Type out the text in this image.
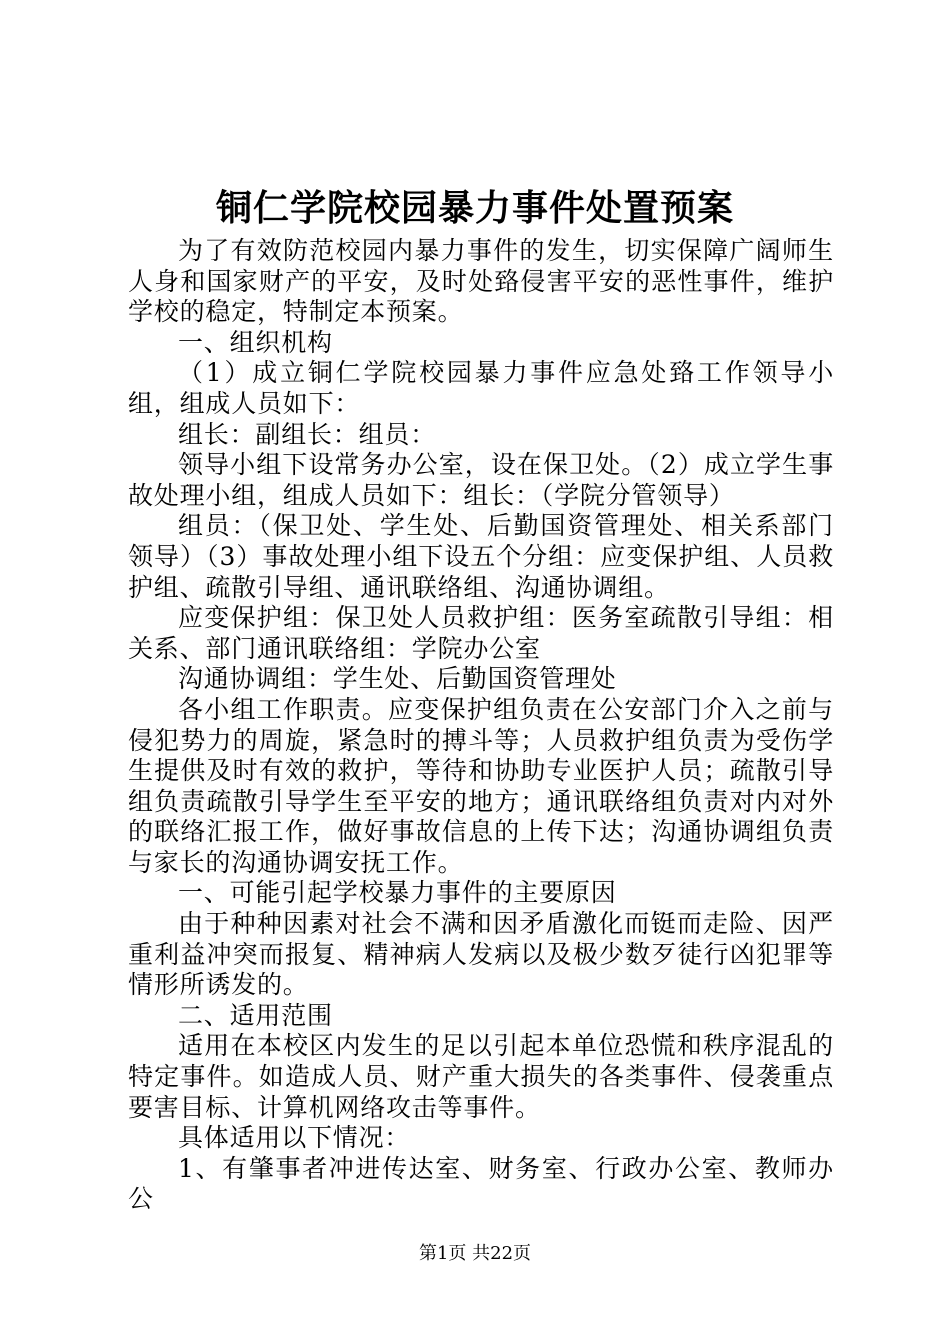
铜仁学院校园暴力事件处置预案

为了有效防范校园内暴力事件的发生，切实保障广阔师生人身和国家财产的平安，及时处臵侵害平安的恶性事件，维护学校的稳定，特制定本预案。

一、组织机构

（1）成立铜仁学院校园暴力事件应急处臵工作领导小组，组成人员如下：

组长：副组长：组员：

领导小组下设常务办公室，设在保卫处。（2）成立学生事故处理小组，组成人员如下：组长：（学院分管领导）

组员：（保卫处、学生处、后勤国资管理处、相关系部门领导）（3）事故处理小组下设五个分组：应变保护组、人员救护组、疏散引导组、通讯联络组、沟通协调组。

应变保护组：保卫处人员救护组：医务室疏散引导组：相关系、部门通讯联络组：学院办公室

沟通协调组：学生处、后勤国资管理处

各小组工作职责。应变保护组负责在公安部门介入之前与侵犯势力的周旋，紧急时的搏斗等；人员救护组负责为受伤学生提供及时有效的救护，等待和协助专业医护人员；疏散引导组负责疏散引导学生至平安的地方；通讯联络组负责对内对外的联络汇报工作，做好事故信息的上传下达；沟通协调组负责与家长的沟通协调安抚工作。

一、可能引起学校暴力事件的主要原因

由于种种因素对社会不满和因矛盾激化而铤而走险、因严重利益冲突而报复、精神病人发病以及极少数歹徒行凶犯罪等情形所诱发的。

二、适用范围

适用在本校区内发生的足以引起本单位恐慌和秩序混乱的特定事件。如造成人员、财产重大损失的各类事件、侵袭重点要害目标、计算机网络攻击等事件。

具体适用以下情况：

1、有肇事者冲进传达室、财务室、行政办公室、教师办公

第1页 共22页
